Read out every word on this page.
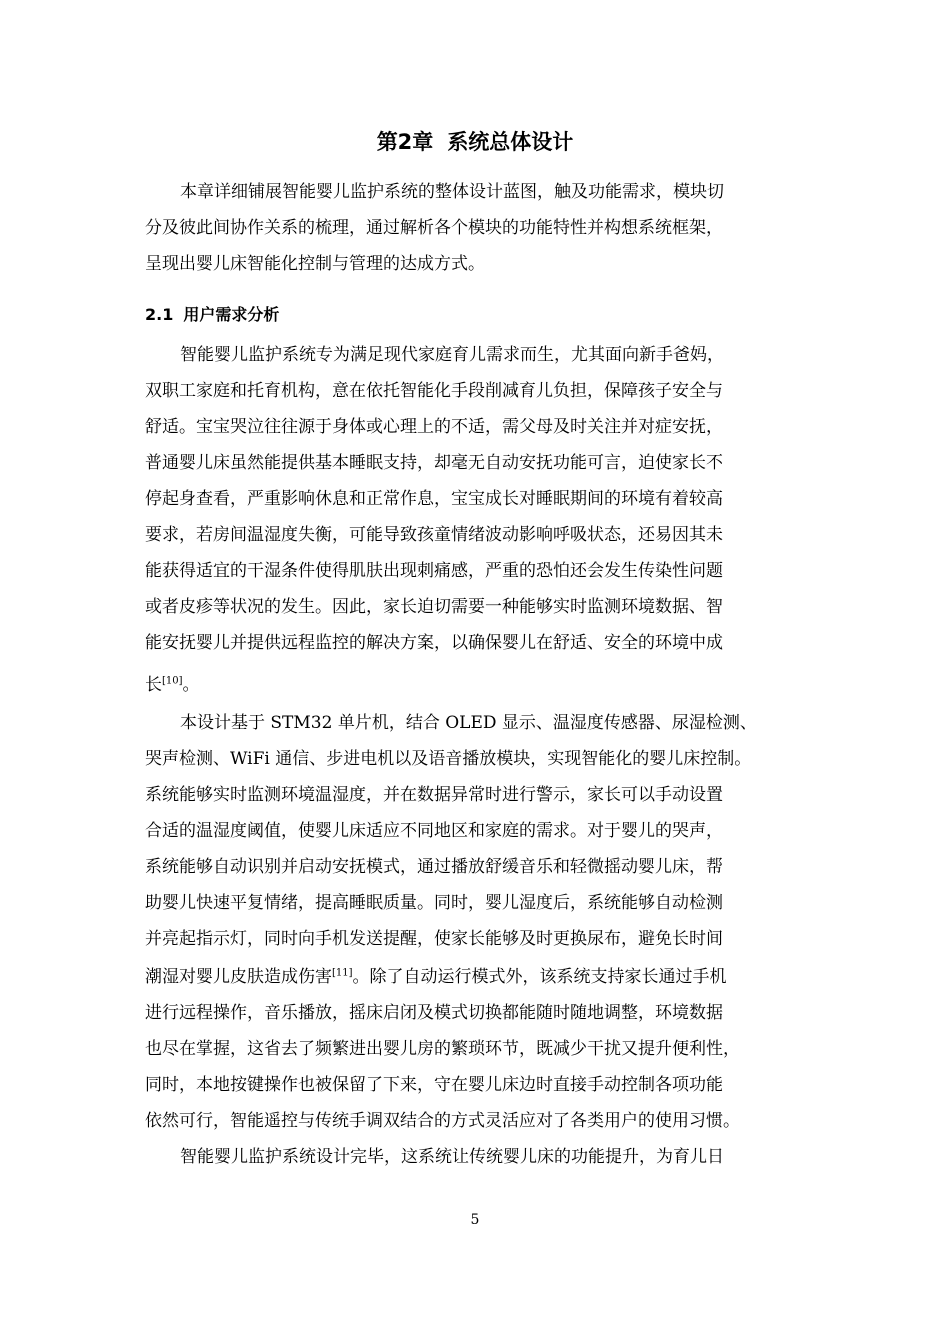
第2章 系统总体设计

本章详细铺展智能婴儿监护系统的整体设计蓝图，触及功能需求，模块切

分及彼此间协作关系的梳理，通过解析各个模块的功能特性并构想系统框架，

呈现出婴儿床智能化控制与管理的达成方式。

2.1 用户需求分析

智能婴儿监护系统专为满足现代家庭育儿需求而生，尤其面向新手爸妈，

双职工家庭和托育机构，意在依托智能化手段削减育儿负担，保障孩子安全与

舒适。宝宝哭泣往往源于身体或心理上的不适，需父母及时关注并对症安抚，

普通婴儿床虽然能提供基本睡眠支持，却毫无自动安抚功能可言，迫使家长不

停起身查看，严重影响休息和正常作息，宝宝成长对睡眠期间的环境有着较高

要求，若房间温湿度失衡，可能导致孩童情绪波动影响呼吸状态，还易因其未

能获得适宜的干湿条件使得肌肤出现刺痛感，严重的恐怕还会发生传染性问题

或者皮疹等状况的发生。因此，家长迫切需要一种能够实时监测环境数据、智

能安抚婴儿并提供远程监控的解决方案，以确保婴儿在舒适、安全的环境中成

长[10]。

本设计基于 STM32 单片机，结合 OLED 显示、温湿度传感器、尿湿检测、

哭声检测、WiFi 通信、步进电机以及语音播放模块，实现智能化的婴儿床控制。

系统能够实时监测环境温湿度，并在数据异常时进行警示，家长可以手动设置

合适的温湿度阈值，使婴儿床适应不同地区和家庭的需求。对于婴儿的哭声，

系统能够自动识别并启动安抚模式，通过播放舒缓音乐和轻微摇动婴儿床，帮

助婴儿快速平复情绪，提高睡眠质量。同时，婴儿湿度后，系统能够自动检测

并亮起指示灯，同时向手机发送提醒，使家长能够及时更换尿布，避免长时间

潮湿对婴儿皮肤造成伤害[11]。除了自动运行模式外，该系统支持家长通过手机

进行远程操作，音乐播放，摇床启闭及模式切换都能随时随地调整，环境数据

也尽在掌握，这省去了频繁进出婴儿房的繁琐环节，既减少干扰又提升便利性，

同时，本地按键操作也被保留了下来，守在婴儿床边时直接手动控制各项功能

依然可行，智能遥控与传统手调双结合的方式灵活应对了各类用户的使用习惯。

智能婴儿监护系统设计完毕，这系统让传统婴儿床的功能提升，为育儿日

5
